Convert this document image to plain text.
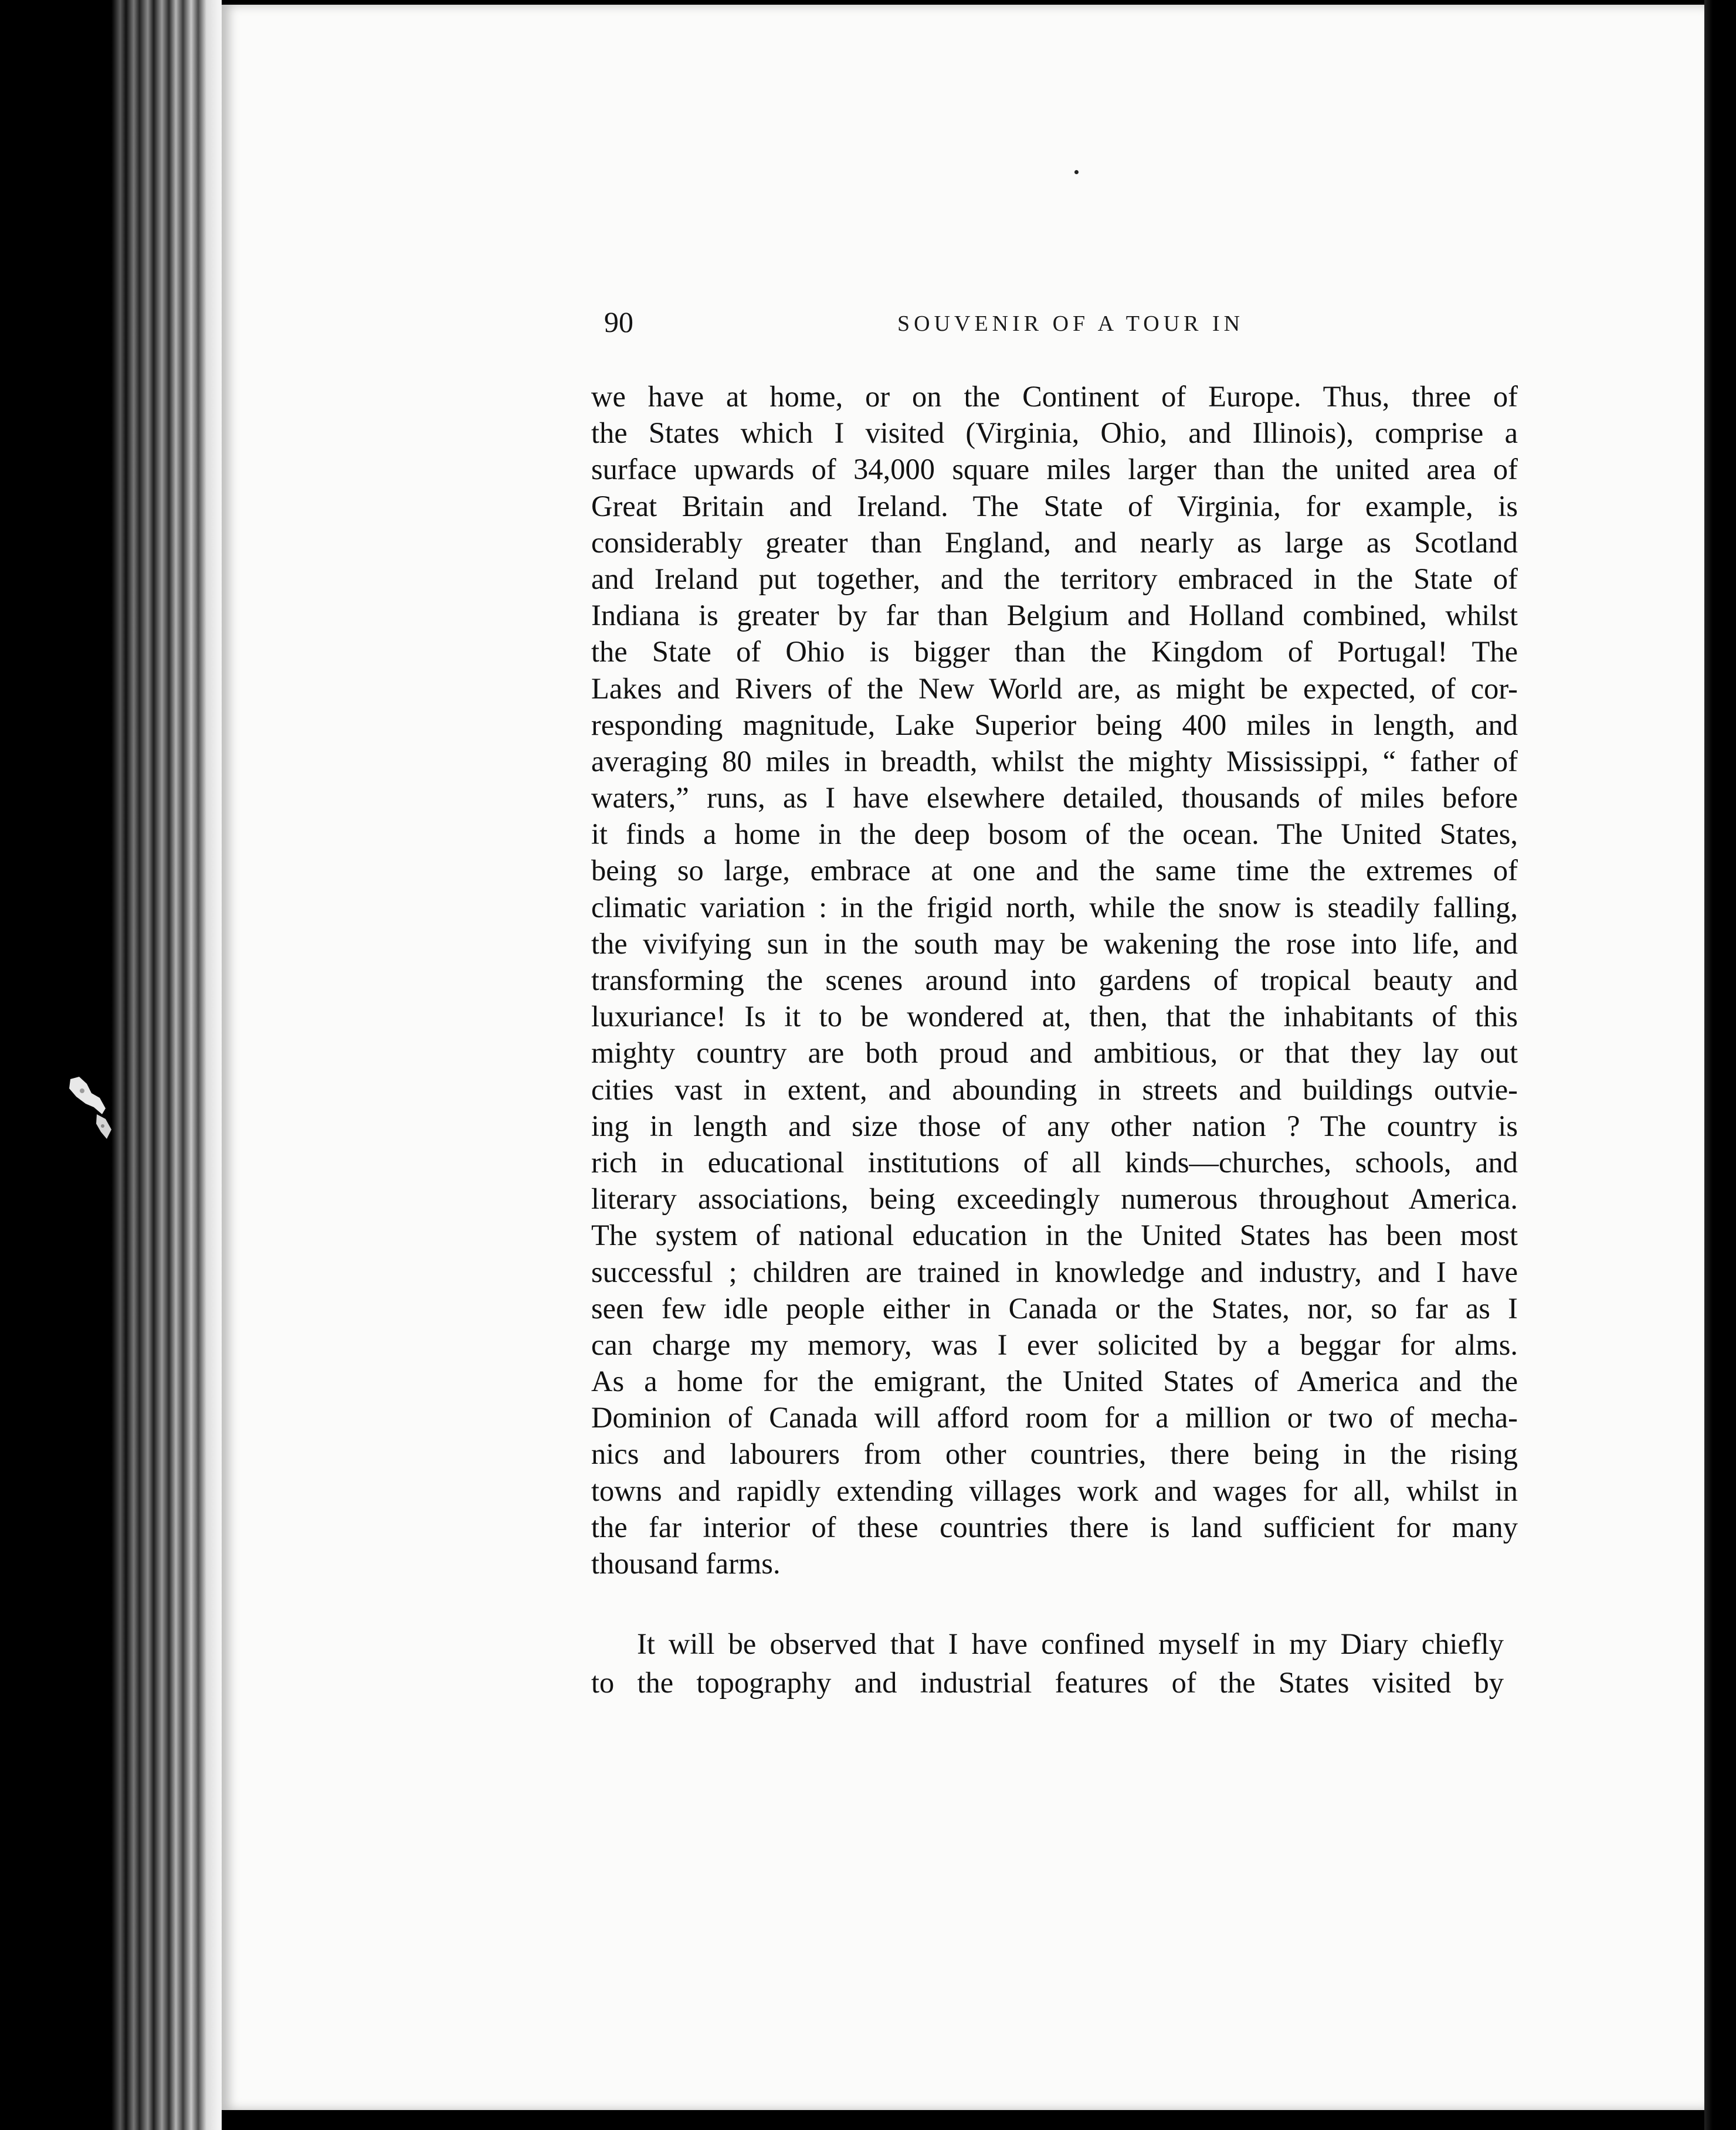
90	SOUVENIR OF A TOUR IN
we have at home, or on the Continent of Europe. Thus, three of
the States which I visited (Virginia, Ohio, and Illinois), comprise a
surface upwards of 34,000 square miles larger than the united area of
Great Britain and Ireland. The State of Virginia, for example, is
considerably greater than England, and nearly as large as Scotland
and Ireland put together, and the territory embraced in the State of
Indiana is greater by far than Belgium and Holland combined, whilst
the State of Ohio is bigger than the Kingdom of Portugal! The
Lakes and Rivers of the New World are, as might be expected, of cor-
responding magnitude, Lake Superior being 400 miles in length, and
averaging 80 miles in breadth, whilst the mighty Mississippi, “ father of
waters,” runs, as I have elsewhere detailed, thousands of miles before
it finds a home in the deep bosom of the ocean. The United States,
being so large, embrace at one and the same time the extremes of
climatic variation : in the frigid north, while the snow is steadily falling,
the vivifying sun in the south may be wakening the rose into life, and
transforming the scenes around into gardens of tropical beauty and
luxuriance! Is it to be wondered at, then, that the inhabitants of this
mighty country are both proud and ambitious, or that they lay out
cities vast in extent, and abounding in streets and buildings outvie-
ing in length and size those of any other nation ? The country is
rich in educational institutions of all kinds—churches, schools, and
literary associations, being exceedingly numerous throughout America.
The system of national education in the United States has been most
successful ; children are trained in knowledge and industry, and I have
seen few idle people either in Canada or the States, nor, so far as I
can charge my memory, was I ever solicited by a beggar for alms.
As a home for the emigrant, the United States of America and the
Dominion of Canada will afford room for a million or two of mecha-
nics and labourers from other countries, there being in the rising
towns and rapidly extending villages work and wages for all, whilst in
the far interior of these countries there is land sufficient for many
thousand farms.
It will be observed that I have confined myself in my Diary chiefly
to the topography and industrial features of the States visited by
